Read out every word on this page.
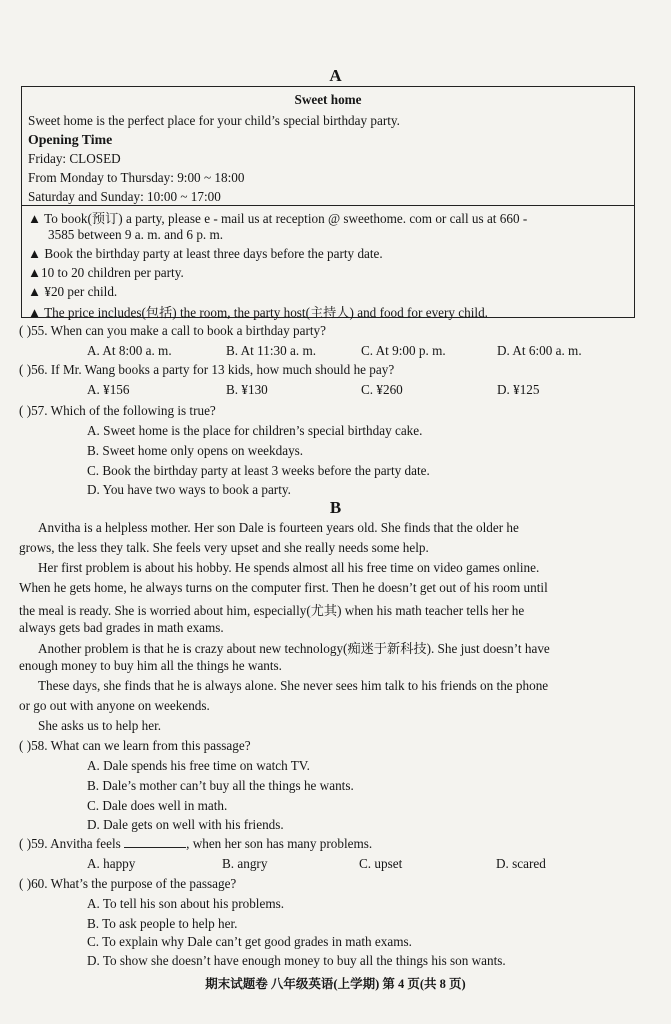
A
Sweet home
Sweet home is the perfect place for your child’s special birthday party.
Opening Time
Friday: CLOSED
From Monday to Thursday: 9:00 ~ 18:00
Saturday and Sunday: 10:00 ~ 17:00
▲ To book(预订) a party, please e - mail us at reception @ sweethome. com or call us at 660 -
3585 between 9 a. m. and 6 p. m.
▲ Book the birthday party at least three days before the party date.
▲10 to 20 children per party.
▲ ¥20 per child.
▲ The price includes(包括) the room, the party host(主持人) and food for every child.
( )55. When can you make a call to book a birthday party?
A. At 8:00 a. m.	B. At 11:30 a. m.	C. At 9:00 p. m.	D. At 6:00 a. m.
( )56. If Mr. Wang books a party for 13 kids, how much should he pay?
A. ¥156	B. ¥130	C. ¥260	D. ¥125
( )57. Which of the following is true?
A. Sweet home is the place for children’s special birthday cake.
B. Sweet home only opens on weekdays.
C. Book the birthday party at least 3 weeks before the party date.
D. You have two ways to book a party.
B
Anvitha is a helpless mother. Her son Dale is fourteen years old. She finds that the older he
grows, the less they talk. She feels very upset and she really needs some help.
Her first problem is about his hobby. He spends almost all his free time on video games online.
When he gets home, he always turns on the computer first. Then he doesn’t get out of his room until
the meal is ready. She is worried about him, especially(尤其) when his math teacher tells her he
always gets bad grades in math exams.
Another problem is that he is crazy about new technology(痴迷于新科技). She just doesn’t have
enough money to buy him all the things he wants.
These days, she finds that he is always alone. She never sees him talk to his friends on the phone
or go out with anyone on weekends.
She asks us to help her.
( )58. What can we learn from this passage?
A. Dale spends his free time on watch TV.
B. Dale’s mother can’t buy all the things he wants.
C. Dale does well in math.
D. Dale gets on well with his friends.
( )59. Anvitha feels	, when her son has many problems.
A. happy	B. angry	C. upset	D. scared
( )60. What’s the purpose of the passage?
A. To tell his son about his problems.
B. To ask people to help her.
C. To explain why Dale can’t get good grades in math exams.
D. To show she doesn’t have enough money to buy all the things his son wants.
期末试题卷 八年级英语(上学期) 第 4 页(共 8 页)
